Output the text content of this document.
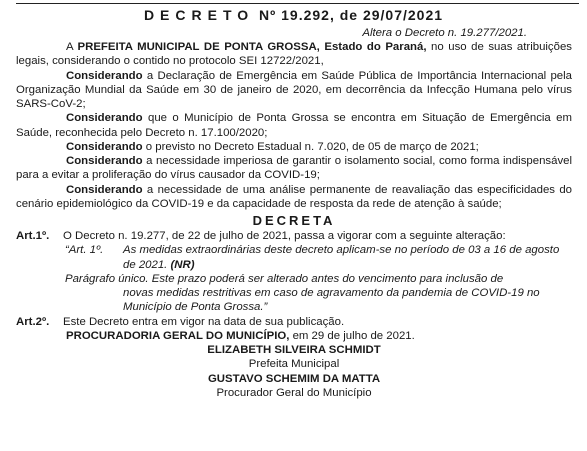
DECRETO Nº 19.292, de 29/07/2021
Altera o Decreto n. 19.277/2021.

A PREFEITA MUNICIPAL DE PONTA GROSSA, Estado do Paraná, no uso de suas atribuições legais, considerando o contido no protocolo SEI 12722/2021,

Considerando a Declaração de Emergência em Saúde Pública de Importância Internacional pela Organização Mundial da Saúde em 30 de janeiro de 2020, em decorrência da Infecção Humana pelo vírus SARS-CoV-2;

Considerando que o Município de Ponta Grossa se encontra em Situação de Emergência em Saúde, reconhecida pelo Decreto n. 17.100/2020;

Considerando o previsto no Decreto Estadual n. 7.020, de 05 de março de 2021;

Considerando a necessidade imperiosa de garantir o isolamento social, como forma indispensável para a evitar a proliferação do vírus causador da COVID-19;

Considerando a necessidade de uma análise permanente de reavaliação das especificidades do cenário epidemiológico da COVID-19 e da capacidade de resposta da rede de atenção à saúde;

DECRETA

Art.1º.	O Decreto n. 19.277, de 22 de julho de 2021, passa a vigorar com a seguinte alteração:
“Art. 1º.	As medidas extraordinárias deste decreto aplicam-se no período de 03 a 16 de agosto de 2021. (NR)

Parágrafo único. Este prazo poderá ser alterado antes do vencimento para inclusão de
novas medidas restritivas em caso de agravamento da pandemia de COVID-19 no Município de Ponta Grossa.”

Art.2º.	Este Decreto entra em vigor na data de sua publicação.

PROCURADORIA GERAL DO MUNICÍPIO, em 29 de julho de 2021.

ELIZABETH SILVEIRA SCHMIDT

Prefeita Municipal

GUSTAVO SCHEMIM DA MATTA

Procurador Geral do Município
